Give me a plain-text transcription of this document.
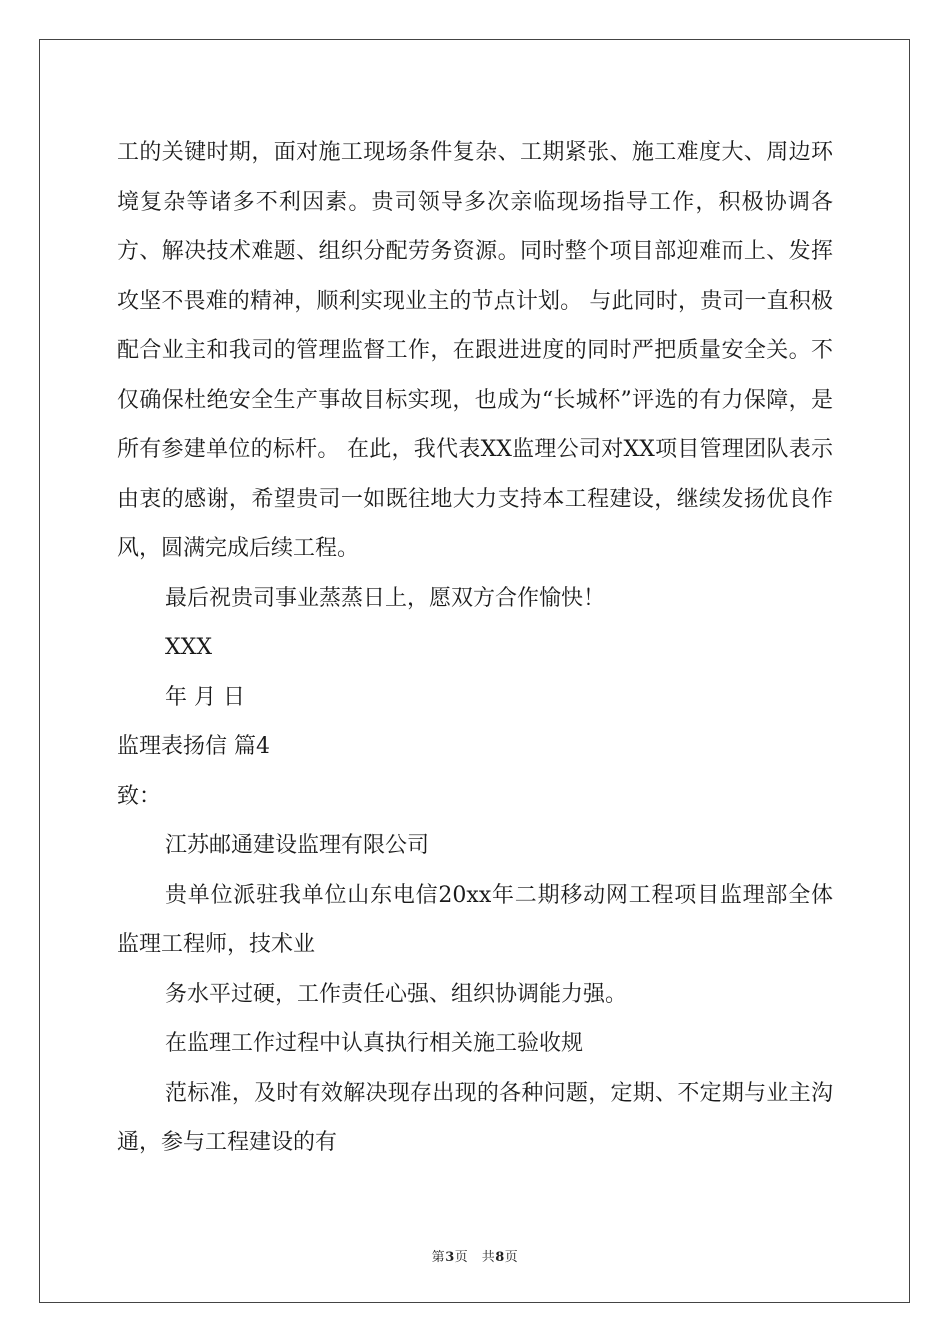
工的关键时期，面对施工现场条件复杂、工期紧张、施工难度大、周边环境复杂等诸多不利因素。贵司领导多次亲临现场指导工作，积极协调各方、解决技术难题、组织分配劳务资源。同时整个项目部迎难而上、发挥攻坚不畏难的精神，顺利实现业主的节点计划。 与此同时，贵司一直积极配合业主和我司的管理监督工作，在跟进进度的同时严把质量安全关。不仅确保杜绝安全生产事故目标实现，也成为“长城杯”评选的有力保障，是所有参建单位的标杆。 在此，我代表XX监理公司对XX项目管理团队表示由衷的感谢，希望贵司一如既往地大力支持本工程建设，继续发扬优良作风，圆满完成后续工程。

最后祝贵司事业蒸蒸日上，愿双方合作愉快！

XXX

年 月 日

监理表扬信 篇4

致：

江苏邮通建设监理有限公司

贵单位派驻我单位山东电信20xx年二期移动网工程项目监理部全体监理工程师，技术业

务水平过硬，工作责任心强、组织协调能力强。

在监理工作过程中认真执行相关施工验收规

范标准，及时有效解决现存出现的各种问题，定期、不定期与业主沟通，参与工程建设的有

第3页　共8页
